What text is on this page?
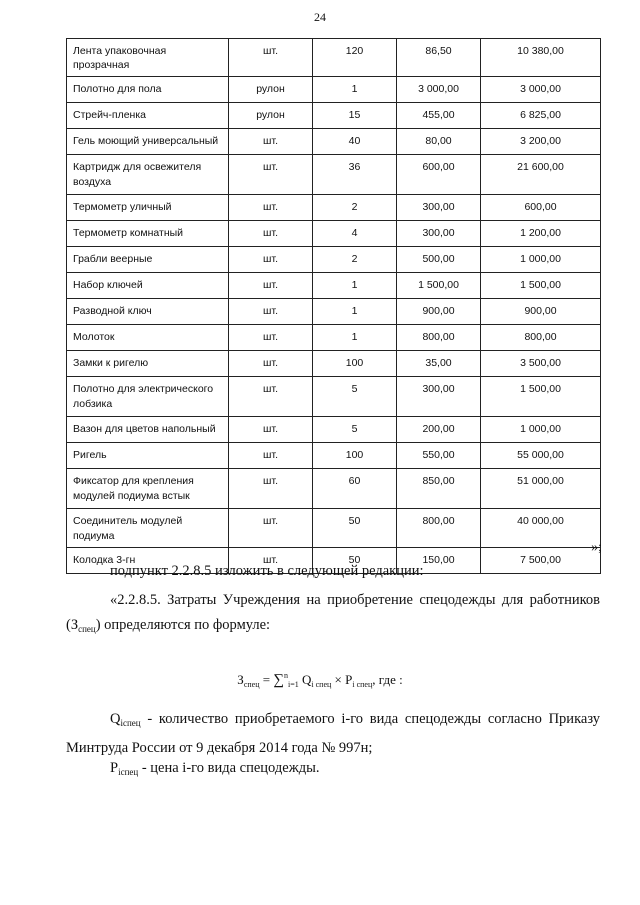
24
Лента упаковочная прозрачная	шт.	120	86,50	10 380,00
Полотно для пола	рулон	1	3 000,00	3 000,00
Стрейч-пленка	рулон	15	455,00	6 825,00
Гель моющий универсальный	шт.	40	80,00	3 200,00
Картридж для освежителя воздуха	шт.	36	600,00	21 600,00
Термометр уличный	шт.	2	300,00	600,00
Термометр комнатный	шт.	4	300,00	1 200,00
Грабли веерные	шт.	2	500,00	1 000,00
Набор ключей	шт.	1	1 500,00	1 500,00
Разводной ключ	шт.	1	900,00	900,00
Молоток	шт.	1	800,00	800,00
Замки к ригелю	шт.	100	35,00	3 500,00
Полотно для электрического лобзика	шт.	5	300,00	1 500,00
Вазон для цветов напольный	шт.	5	200,00	1 000,00
Ригель	шт.	100	550,00	55 000,00
Фиксатор для крепления модулей подиума встык	шт.	60	850,00	51 000,00
Соединитель модулей подиума	шт.	50	800,00	40 000,00
Колодка 3-гн	шт.	50	150,00	7 500,00
»;
подпункт 2.2.8.5 изложить в следующей редакции:
«2.2.8.5. Затраты Учреждения на приобретение спецодежды для работников $(З_{спец})$ определяются по формуле:
$З_{спец} = \sum^n_{i=1}$ $Q_{i спец} \times P_{i спец}$, где :
$Q_{iспец}$ - количество приобретаемого i-го вида спецодежды согласно Приказу Минтруда России от 9 декабря 2014 года № 997н;
$P_{iспец}$ - цена i-го вида спецодежды.
